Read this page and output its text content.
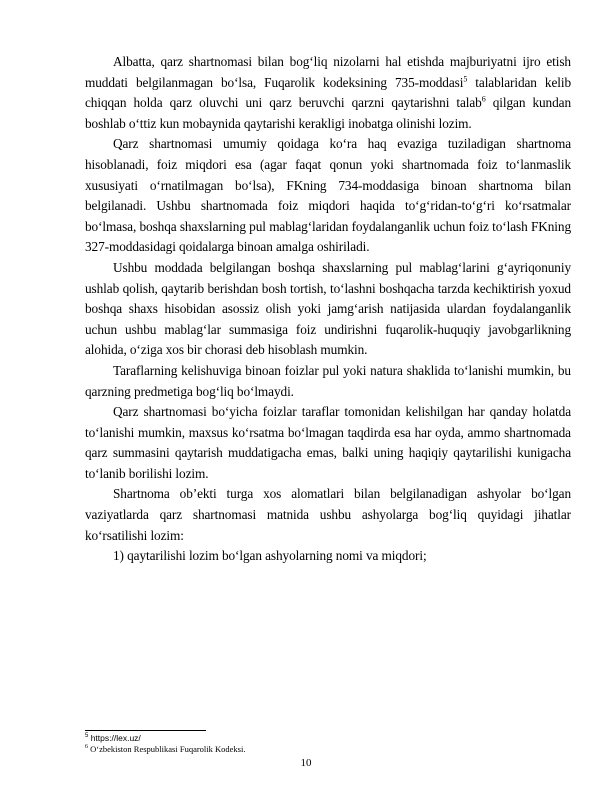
Albatta, qarz shartnomasi bilan bog‘liq nizolarni hal etishda majburiyatni ijro etish muddati belgilanmagan bo‘lsa, Fuqarolik kodeksining 735-moddasi$^5$ talablaridan kelib chiqqan holda qarz oluvchi uni qarz beruvchi qarzni qaytarishni talab$^6$ qilgan kundan boshlab o‘ttiz kun mobaynida qaytarishi kerakligi inobatga olinishi lozim.

Qarz shartnomasi umumiy qoidaga ko‘ra haq evaziga tuziladigan shartnoma hisoblanadi, foiz miqdori esa (agar faqat qonun yoki shartnomada foiz to‘lanmaslik xususiyati o‘rnatilmagan bo‘lsa), FKning 734-moddasiga binoan shartnoma bilan belgilanadi. Ushbu shartnomada foiz miqdori haqida to‘g‘ridan-to‘g‘ri ko‘rsatmalar bo‘lmasa, boshqa shaxslarning pul mablag‘laridan foydalanganlik uchun foiz to‘lash FKning 327-moddasidagi qoidalarga binoan amalga oshiriladi.

Ushbu moddada belgilangan boshqa shaxslarning pul mablag‘larini g‘ayriqonuniy ushlab qolish, qaytarib berishdan bosh tortish, to‘lashni boshqacha tarzda kechiktirish yoxud boshqa shaxs hisobidan asossiz olish yoki jamg‘arish natijasida ulardan foydalanganlik uchun ushbu mablag‘lar summasiga foiz undirishni fuqarolik-huquqiy javobgarlikning alohida, o‘ziga xos bir chorasi deb hisoblash mumkin.

Taraflarning kelishuviga binoan foizlar pul yoki natura shaklida to‘lanishi mumkin, bu qarzning predmetiga bog‘liq bo‘lmaydi.

Qarz shartnomasi bo‘yicha foizlar taraflar tomonidan kelishilgan har qanday holatda to‘lanishi mumkin, maxsus ko‘rsatma bo‘lmagan taqdirda esa har oyda, ammo shartnomada qarz summasini qaytarish muddatigacha emas, balki uning haqiqiy qaytarilishi kunigacha to‘lanib borilishi lozim.

Shartnoma ob’ekti turga xos alomatlari bilan belgilanadigan ashyolar bo‘lgan vaziyatlarda qarz shartnomasi matnida ushbu ashyolarga bog‘liq quyidagi jihatlar ko‘rsatilishi lozim:

1) qaytarilishi lozim bo‘lgan ashyolarning nomi va miqdori;

$^5$ https://lex.uz/

$^6$ O‘zbekiston Respublikasi Fuqarolik Kodeksi.

10
